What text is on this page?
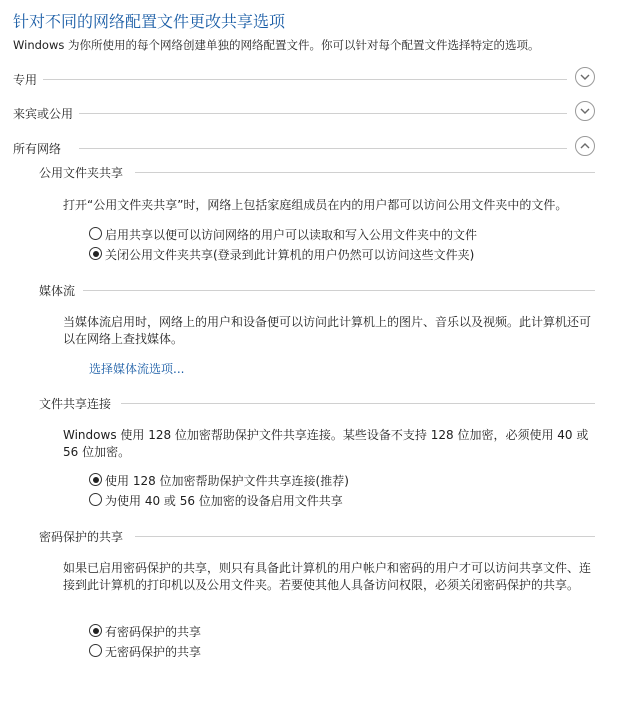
针对不同的网络配置文件更改共享选项
Windows 为你所使用的每个网络创建单独的网络配置文件。你可以针对每个配置文件选择特定的选项。
专用
来宾或公用
所有网络
公用文件夹共享
打开“公用文件夹共享”时，网络上包括家庭组成员在内的用户都可以访问公用文件夹中的文件。
启用共享以便可以访问网络的用户可以读取和写入公用文件夹中的文件
关闭公用文件夹共享(登录到此计算机的用户仍然可以访问这些文件夹)
媒体流
当媒体流启用时，网络上的用户和设备便可以访问此计算机上的图片、音乐以及视频。此计算机还可以在网络上查找媒体。
选择媒体流选项...
文件共享连接
Windows 使用 128 位加密帮助保护文件共享连接。某些设备不支持 128 位加密，必须使用 40 或 56 位加密。
使用 128 位加密帮助保护文件共享连接(推荐)
为使用 40 或 56 位加密的设备启用文件共享
密码保护的共享
如果已启用密码保护的共享，则只有具备此计算机的用户帐户和密码的用户才可以访问共享文件、连接到此计算机的打印机以及公用文件夹。若要使其他人具备访问权限，必须关闭密码保护的共享。
有密码保护的共享
无密码保护的共享
